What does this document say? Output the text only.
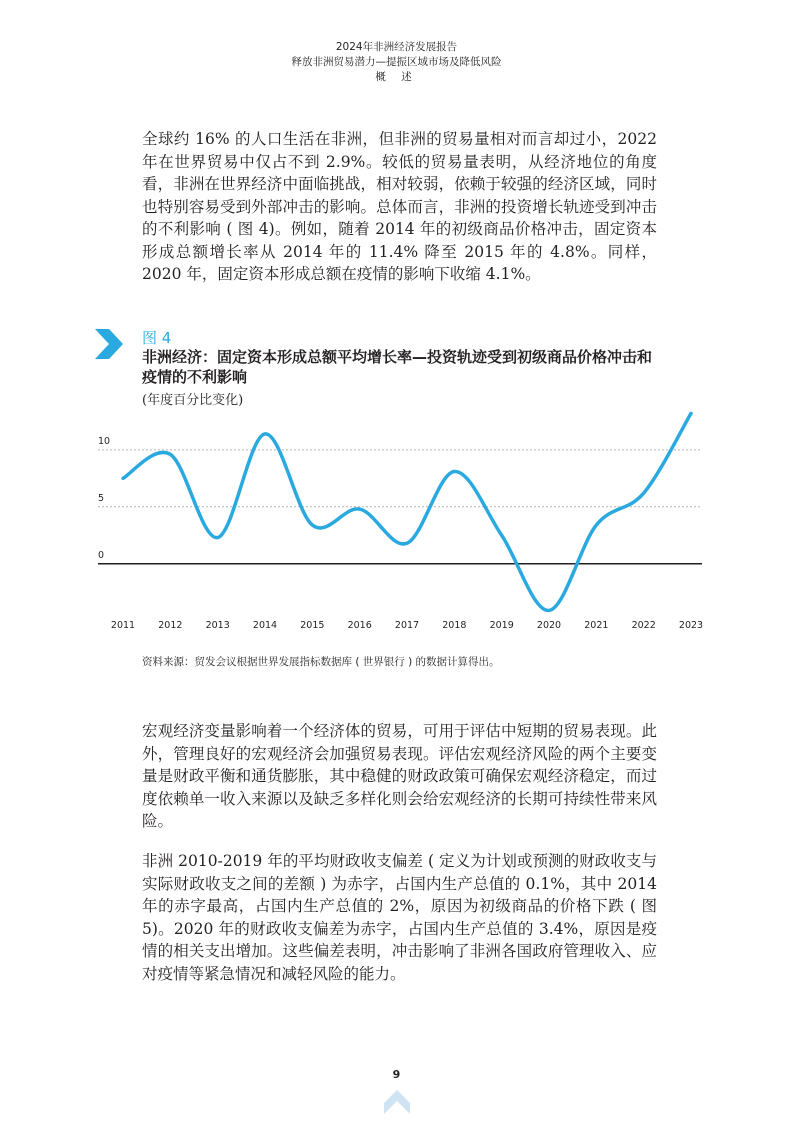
2024年非洲经济发展报告
释放非洲贸易潜力—提振区域市场及降低风险
概 述

全球约 16% 的人口生活在非洲，但非洲的贸易量相对而言却过小，2022 年在世界贸易中仅占不到 2.9%。较低的贸易量表明，从经济地位的角度看，非洲在世界经济中面临挑战，相对较弱，依赖于较强的经济区域，同时也特别容易受到外部冲击的影响。总体而言，非洲的投资增长轨迹受到冲击的不利影响 ( 图 4)。例如，随着 2014 年的初级商品价格冲击，固定资本形成总额增长率从 2014 年的 11.4% 降至 2015 年的 4.8%。同样，2020 年，固定资本形成总额在疫情的影响下收缩 4.1%。

图 4
非洲经济：固定资本形成总额平均增长率—投资轨迹受到初级商品价格冲击和疫情的不利影响
(年度百分比变化)
0
5
10
2011 2012 2013 2014 2015 2016 2017 2018 2019 2020 2021 2022 2023
资料来源：贸发会议根据世界发展指标数据库 ( 世界银行 ) 的数据计算得出。

宏观经济变量影响着一个经济体的贸易，可用于评估中短期的贸易表现。此外，管理良好的宏观经济会加强贸易表现。评估宏观经济风险的两个主要变量是财政平衡和通货膨胀，其中稳健的财政政策可确保宏观经济稳定，而过度依赖单一收入来源以及缺乏多样化则会给宏观经济的长期可持续性带来风险。

非洲 2010-2019 年的平均财政收支偏差 ( 定义为计划或预测的财政收支与实际财政收支之间的差额 ) 为赤字，占国内生产总值的 0.1%，其中 2014 年的赤字最高，占国内生产总值的 2%，原因为初级商品的价格下跌 ( 图 5)。2020 年的财政收支偏差为赤字，占国内生产总值的 3.4%，原因是疫情的相关支出增加。这些偏差表明，冲击影响了非洲各国政府管理收入、应对疫情等紧急情况和减轻风险的能力。

9
